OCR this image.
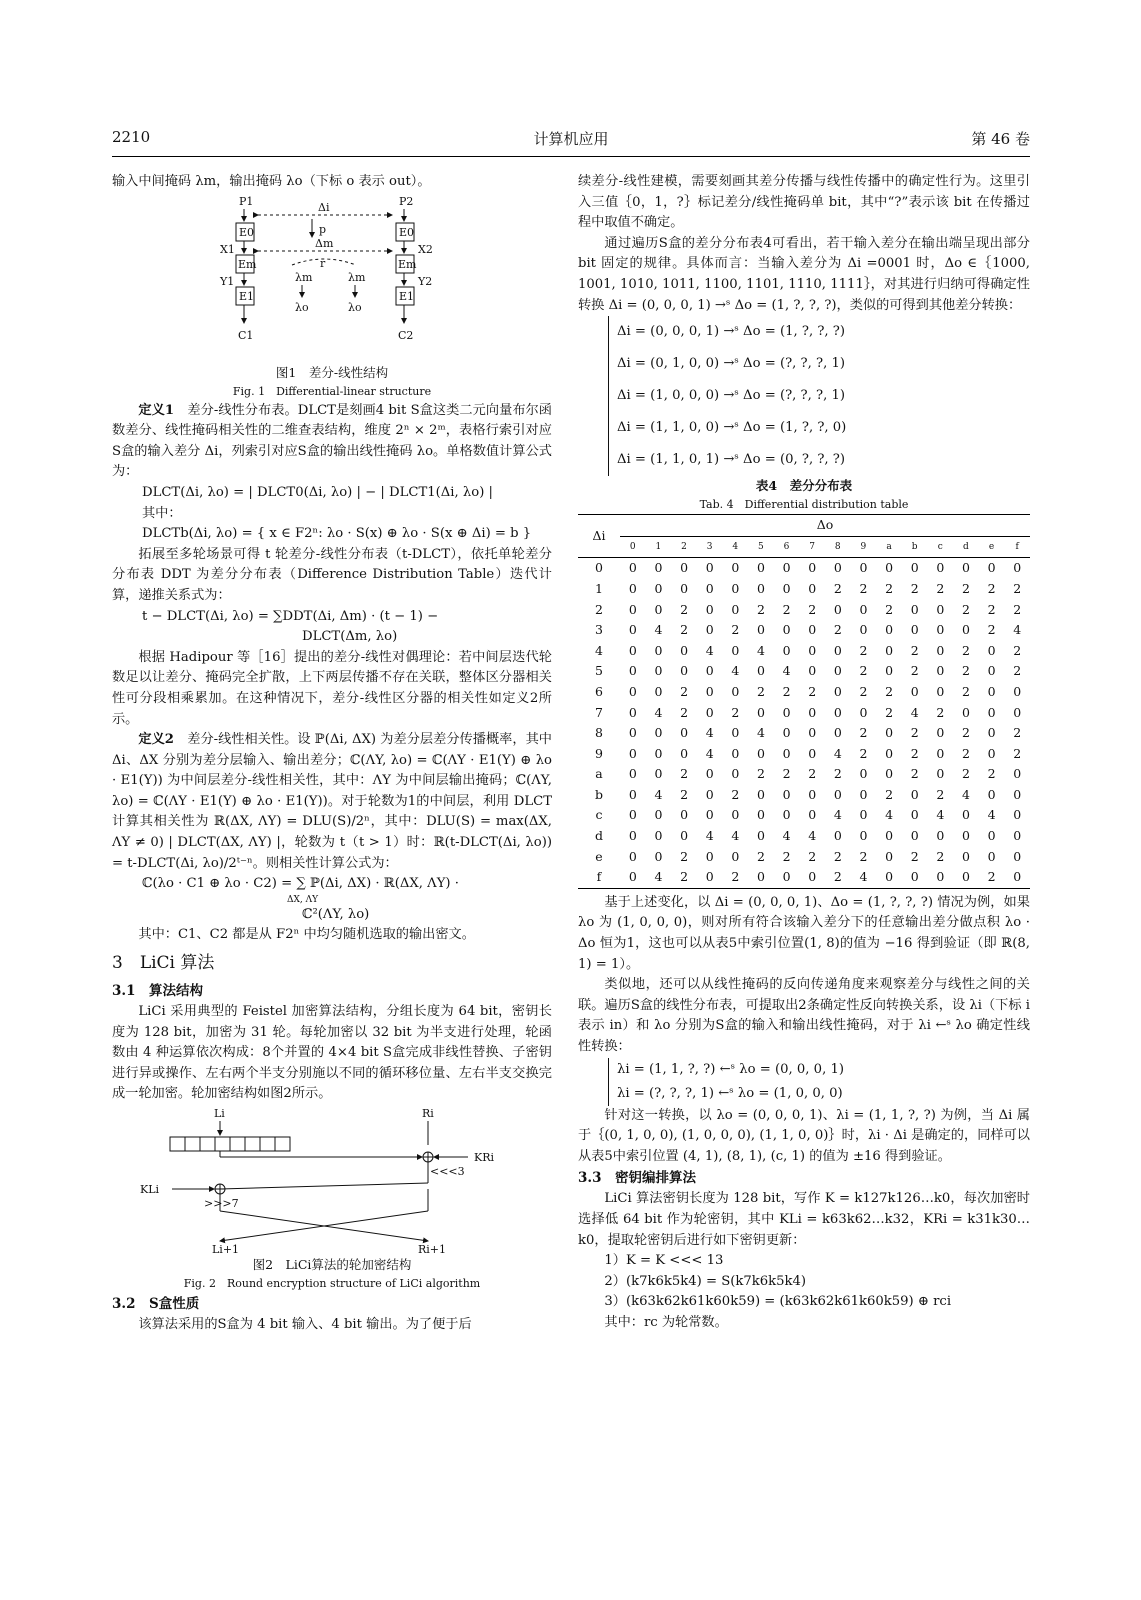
2210	计算机应用	第 46 卷

输入中间掩码 λm，输出掩码 λo（下标 o 表示 out）。

P1
E0
X1
Em
Y1
E1
C1
P2
E0
X2
Em
Y2
E1
C2
Δi
p
Δm
r
λm	λm
λo	λo
图1　差分-线性结构
Fig. 1　Differential-linear structure

定义1　 差分-线性分布表。DLCT是刻画4 bit S盒这类二元向量布尔函数差分、线性掩码相关性的二维查表结构，维度 2ⁿ × 2ᵐ，表格行索引对应S盒的输入差分 Δi，列索引对应S盒的输出线性掩码 λo。单格数值计算公式为：

DLCT(Δi, λo) = | DLCT0(Δi, λo) | − | DLCT1(Δi, λo) |

其中：

DLCTb(Δi, λo) = { x ∈ F2ⁿ: λo · S(x) ⊕ λo · S(x ⊕ Δi) = b }

拓展至多轮场景可得 t 轮差分-线性分布表（t-DLCT），依托单轮差分分布表 DDT 为差分分布表（Difference Distribution Table）迭代计算，递推关系式为：

t − DLCT(Δi, λo) = ∑DDT(Δi, Δm) · (t − 1) −

DLCT(Δm, λo)

根据 Hadipour 等［16］提出的差分-线性对偶理论：若中间层迭代轮数足以让差分、掩码完全扩散，上下两层传播不存在关联，整体区分器相关性可分段相乘累加。在这种情况下，差分-线性区分器的相关性如定义2所示。

定义2　 差分-线性相关性。设 ℙ(Δi, ΔX) 为差分层差分传播概率，其中 Δi、ΔX 分别为差分层输入、输出差分；ℂ(ΛY, λo) = ℂ(ΛY · E1(Y) ⊕ λo · E1(Y)) 为中间层差分-线性相关性，其中：ΛY 为中间层输出掩码；ℂ(ΛY, λo) = ℂ(ΛY · E1(Y) ⊕ λo · E1(Y))。对于轮数为1的中间层，利用 DLCT 计算其相关性为 ℝ(ΔX, ΛY) = DLU(S)/2ⁿ，其中：DLU(S) = max(ΔX, ΛY ≠ 0) | DLCT(ΔX, ΛY) |，轮数为 t（t > 1）时：ℝ(t-DLCT(Δi, λo)) = t-DLCT(Δi, λo)/2ᵗ⁻ⁿ。则相关性计算公式为：

ℂ(λo · C1 ⊕ λo · C2) = ∑ ℙ(Δi, ΔX) · ℝ(ΔX, ΛY) ·

ΔX, ΛY

ℂ²(ΛY, λo)

其中：C1、C2 都是从 F2ⁿ 中均匀随机选取的输出密文。

3　LiCi 算法
3.1　算法结构

LiCi 采用典型的 Feistel 加密算法结构，分组长度为 64 bit，密钥长度为 128 bit，加密为 31 轮。每轮加密以 32 bit 为半支进行处理，轮函数由 4 种运算依次构成：8个并置的 4×4 bit S盒完成非线性替换、子密钥进行异或操作、左右两个半支分别施以不同的循环移位量、左右半支交换完成一轮加密。轮加密结构如图2所示。

Li	Ri
KRi
<<<3
KLi
>>>7
Li+1	Ri+1
图2　LiCi算法的轮加密结构
Fig. 2　Round encryption structure of LiCi algorithm
3.2　S盒性质

该算法采用的S盒为 4 bit 输入、4 bit 输出。为了便于后

续差分-线性建模，需要刻画其差分传播与线性传播中的确定性行为。这里引入三值｛0，1，?｝标记差分/线性掩码单 bit，其中“?”表示该 bit 在传播过程中取值不确定。

通过遍历S盒的差分分布表4可看出，若干输入差分在输出端呈现出部分 bit 固定的规律。具体而言：当输入差分为 Δi =0001 时，Δo ∈｛1000, 1001, 1010, 1011, 1100, 1101, 1110, 1111｝，对其进行归纳可得确定性转换 Δi = (0, 0, 0, 1) →ˢ Δo = (1, ?, ?, ?)，类似的可得到其他差分转换：

Δi = (0, 0, 0, 1) →ˢ Δo = (1, ?, ?, ?)
Δi = (0, 1, 0, 0) →ˢ Δo = (?, ?, ?, 1)
Δi = (1, 0, 0, 0) →ˢ Δo = (?, ?, ?, 1)
Δi = (1, 1, 0, 0) →ˢ Δo = (1, ?, ?, 0)
Δi = (1, 1, 0, 1) →ˢ Δo = (0, ?, ?, ?)
表4　差分分布表
Tab. 4　Differential distribution table
Δi	Δo															
	0	1	2	3	4	5	6	7	8	9	a	b	c	d	e	f
0	0	0	0	0	0	0	0	0	0	0	0	0	0	0	0	0
1	0	0	0	0	0	0	0	0	2	2	2	2	2	2	2	2
2	0	0	2	0	0	2	2	2	0	0	2	0	0	2	2	2
3	0	4	2	0	2	0	0	0	2	0	0	0	0	0	2	4
4	0	0	0	4	0	4	0	0	0	2	0	2	0	2	0	2
5	0	0	0	0	4	0	4	0	0	2	0	2	0	2	0	2
6	0	0	2	0	0	2	2	2	0	2	2	0	0	2	0	0
7	0	4	2	0	2	0	0	0	0	0	2	4	2	0	0	0
8	0	0	0	4	0	4	0	0	0	2	0	2	0	2	0	2
9	0	0	0	4	0	0	0	0	4	2	0	2	0	2	0	2
a	0	0	2	0	0	2	2	2	2	0	0	2	0	2	2	0
b	0	4	2	0	2	0	0	0	0	0	2	0	2	4	0	0
c	0	0	0	0	0	0	0	0	4	0	4	0	4	0	4	0
d	0	0	0	4	4	0	4	4	0	0	0	0	0	0	0	0
e	0	0	2	0	0	2	2	2	2	2	0	2	2	0	0	0
f	0	4	2	0	2	0	0	0	2	4	0	0	0	0	2	0

基于上述变化，以 Δi = (0, 0, 0, 1)、Δo = (1, ?, ?, ?) 情况为例，如果 λo 为 (1, 0, 0, 0)，则对所有符合该输入差分下的任意输出差分做点积 λo · Δo 恒为1，这也可以从表5中索引位置(1, 8)的值为 −16 得到验证（即 ℝ(8, 1) = 1）。

类似地，还可以从线性掩码的反向传递角度来观察差分与线性之间的关联。遍历S盒的线性分布表，可提取出2条确定性反向转换关系，设 λi（下标 i 表示 in）和 λo 分别为S盒的输入和输出线性掩码，对于 λi ←ˢ λo 确定性线性转换：

λi = (1, 1, ?, ?) ←ˢ λo = (0, 0, 0, 1)
λi = (?, ?, ?, 1) ←ˢ λo = (1, 0, 0, 0)

针对这一转换，以 λo = (0, 0, 0, 1)、λi = (1, 1, ?, ?) 为例，当 Δi 属于｛(0, 1, 0, 0), (1, 0, 0, 0), (1, 1, 0, 0)｝时，λi · Δi 是确定的，同样可以从表5中索引位置 (4, 1), (8, 1), (c, 1) 的值为 ±16 得到验证。

3.3　密钥编排算法

LiCi 算法密钥长度为 128 bit，写作 K = k127k126…k0，每次加密时选择低 64 bit 作为轮密钥，其中 KLi = k63k62…k32，KRi = k31k30…k0，提取轮密钥后进行如下密钥更新：

1）K = K <<< 13

2）(k7k6k5k4) = S(k7k6k5k4)

3）(k63k62k61k60k59) = (k63k62k61k60k59) ⊕ rci

其中：rc 为轮常数。
